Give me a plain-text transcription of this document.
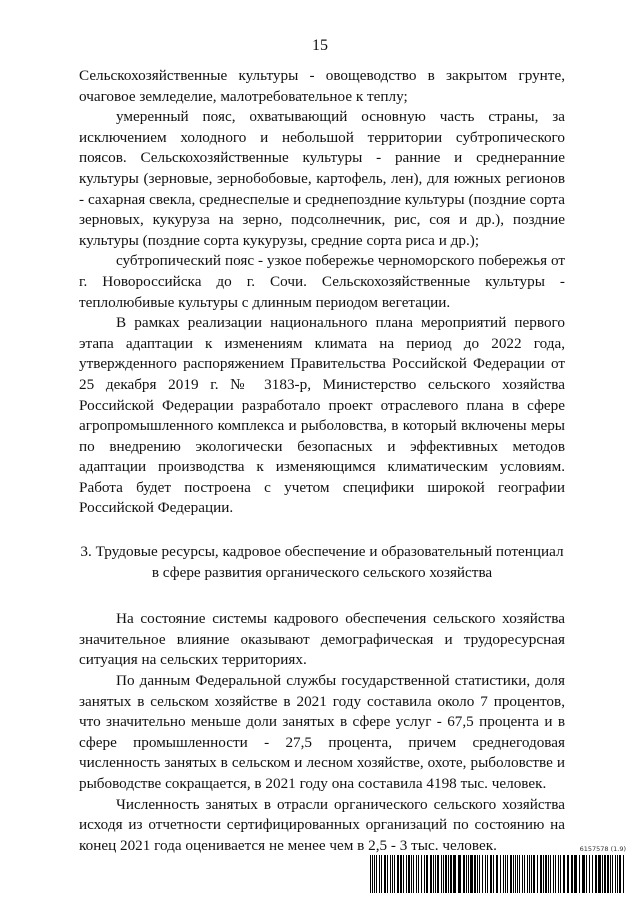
15

Сельскохозяйственные культуры - овощеводство в закрытом грунте, очаговое земледелие, малотребовательное к теплу;

умеренный пояс, охватывающий основную часть страны, за исключением холодного и небольшой территории субтропического поясов. Сельскохозяйственные культуры - ранние и среднеранние культуры (зерновые, зернобобовые, картофель, лен), для южных регионов - сахарная свекла, среднеспелые и среднепоздние культуры (поздние сорта зерновых, кукуруза на зерно, подсолнечник, рис, соя и др.), поздние культуры (поздние сорта кукурузы, средние сорта риса и др.);

субтропический пояс - узкое побережье черноморского побережья от г. Новороссийска до г. Сочи. Сельскохозяйственные культуры - теплолюбивые культуры с длинным периодом вегетации.

В рамках реализации национального плана мероприятий первого этапа адаптации к изменениям климата на период до 2022 года, утвержденного распоряжением Правительства Российской Федерации от 25 декабря 2019 г. № 3183-р, Министерство сельского хозяйства Российской Федерации разработало проект отраслевого плана в сфере агропромышленного комплекса и рыболовства, в который включены меры по внедрению экологически безопасных и эффективных методов адаптации производства к изменяющимся климатическим условиям. Работа будет построена с учетом специфики широкой географии Российской Федерации.

3. Трудовые ресурсы, кадровое обеспечение и образовательный потенциал
в сфере развития органического сельского хозяйства

На состояние системы кадрового обеспечения сельского хозяйства значительное влияние оказывают демографическая и трудоресурсная ситуация на сельских территориях.

По данным Федеральной службы государственной статистики, доля занятых в сельском хозяйстве в 2021 году составила около 7 процентов, что значительно меньше доли занятых в сфере услуг - 67,5 процента и в сфере промышленности - 27,5 процента, причем среднегодовая численность занятых в сельском и лесном хозяйстве, охоте, рыболовстве и рыбоводстве сокращается, в 2021 году она составила 4198 тыс. человек.

Численность занятых в отрасли органического сельского хозяйства исходя из отчетности сертифицированных организаций по состоянию на конец 2021 года оценивается не менее чем в 2,5 - 3 тыс. человек.	6157578 (1.9)
